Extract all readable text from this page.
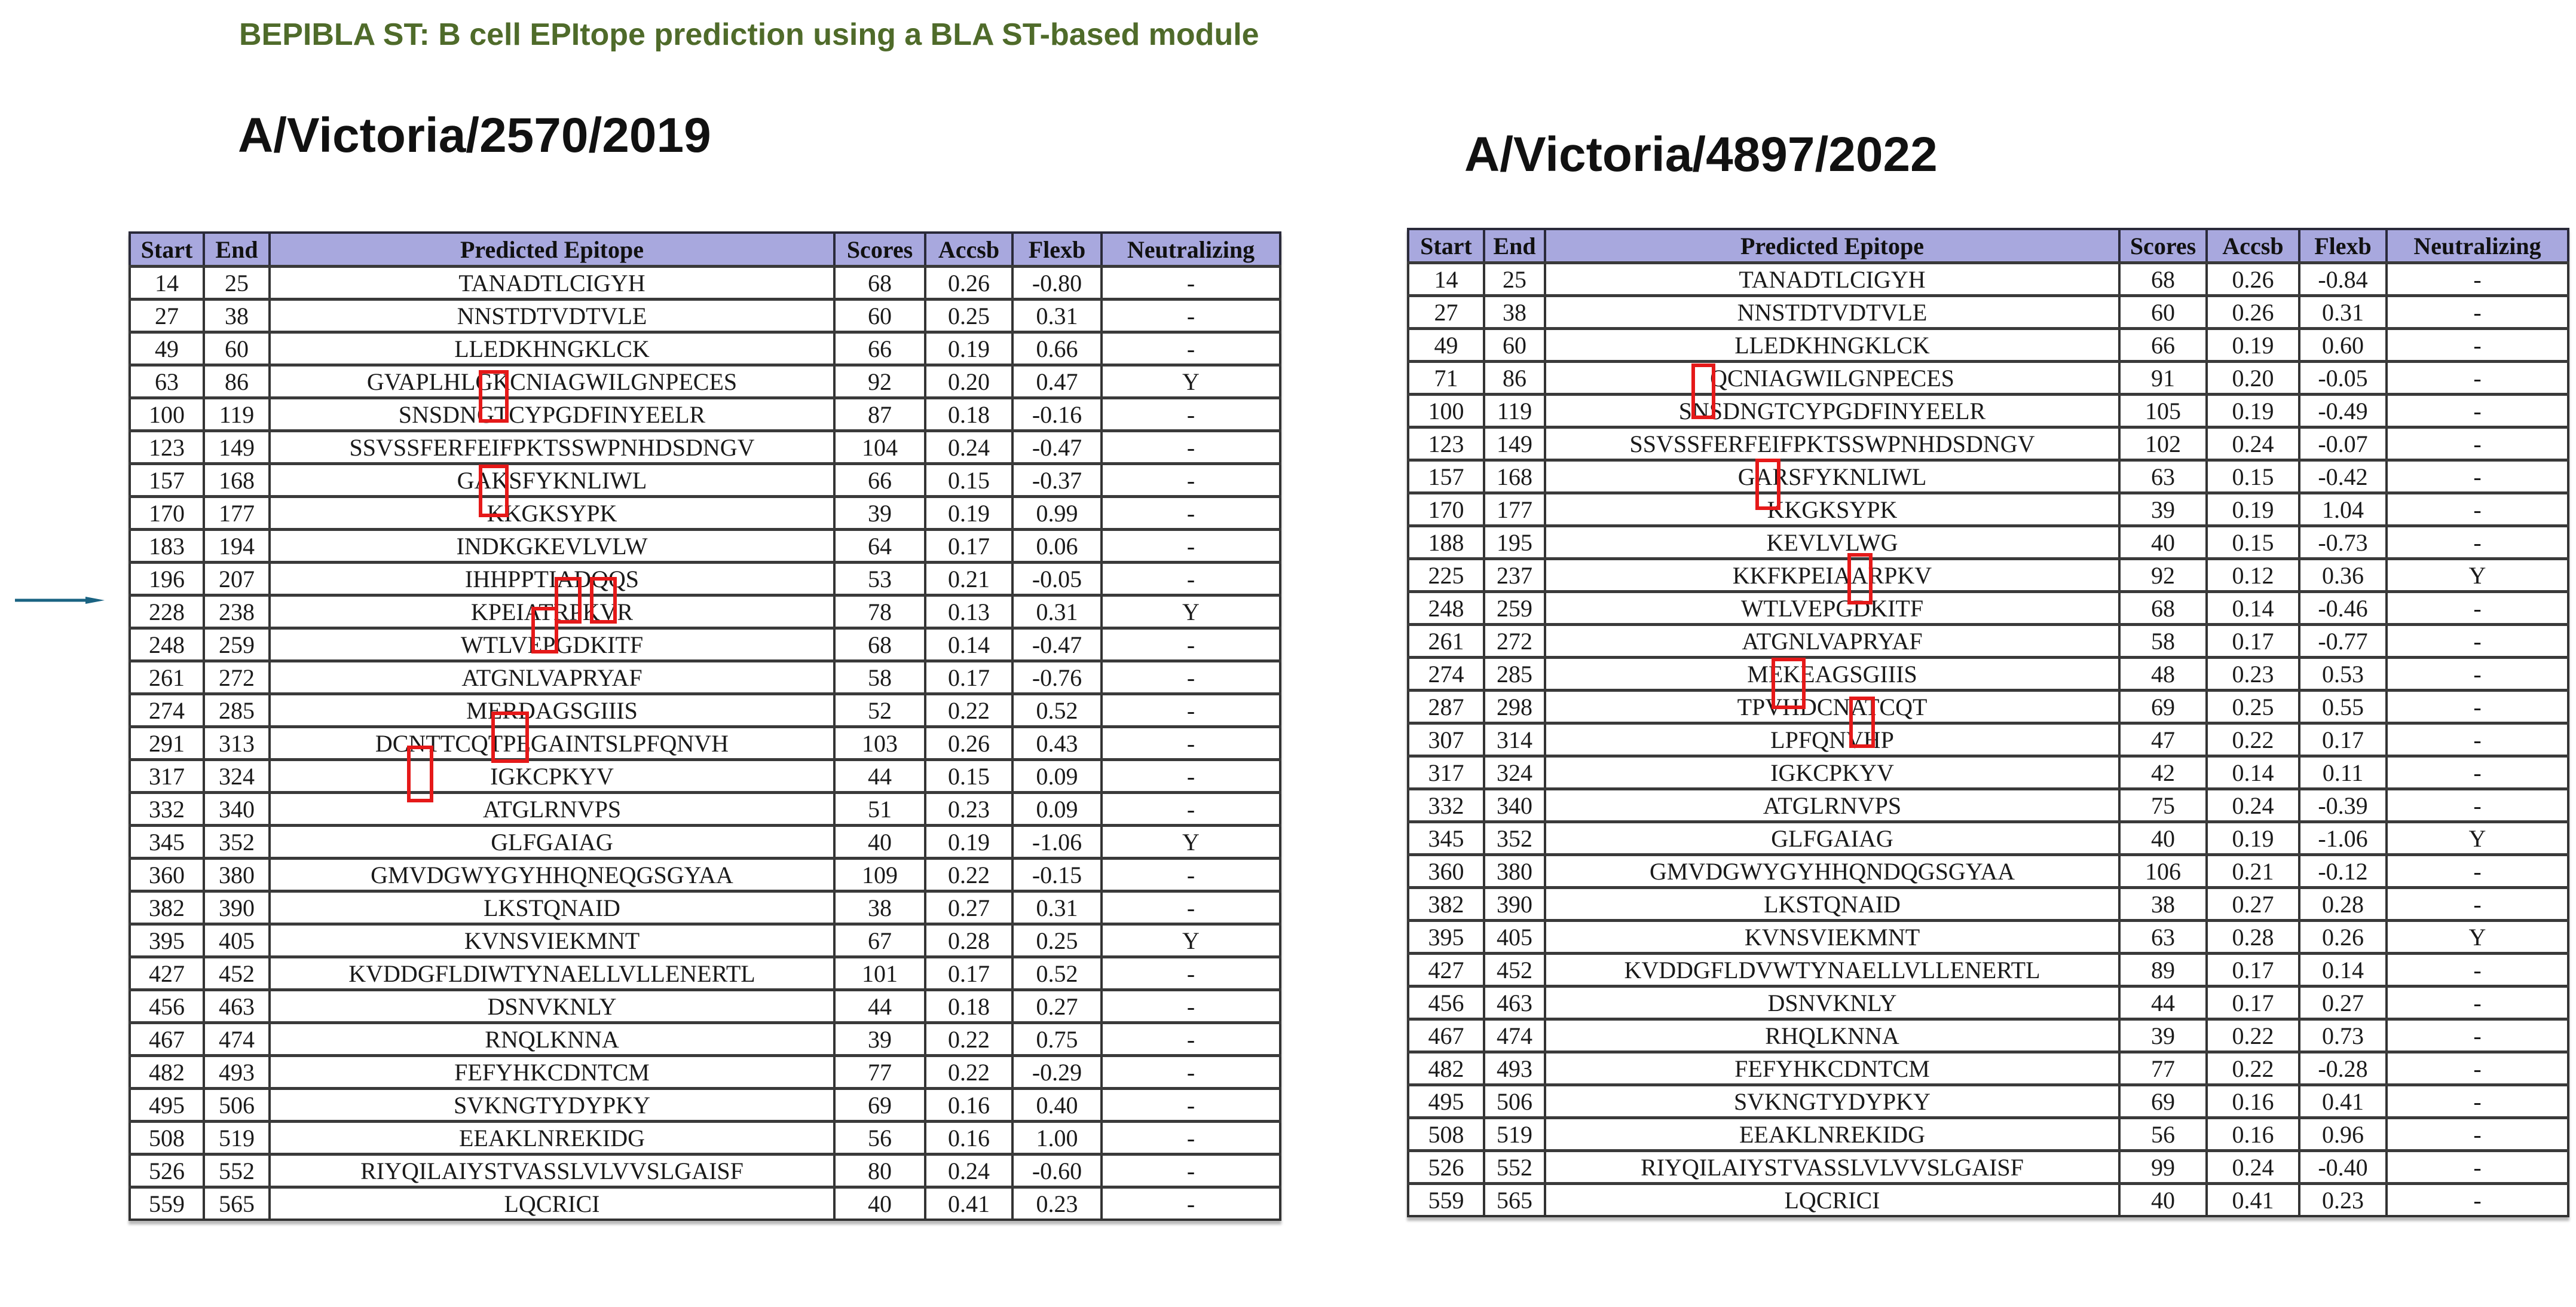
BEPIBLA ST: B cell EPItope prediction using a BLA ST-based module
A/Victoria/2570/2019	A/Victoria/4897/2022
Start	End	Predicted Epitope	Scores	Accsb	Flexb	Neutralizing
14	25	TANADTLCIGYH	68	0.26	-0.80	-
27	38	NNSTDTVDTVLE	60	0.25	0.31	-
49	60	LLEDKHNGKLCK	66	0.19	0.66	-
63	86	GVAPLHLGKCNIAGWILGNPECES	92	0.20	0.47	Y
100	119	SNSDNGTCYPGDFINYEELR	87	0.18	-0.16	-
123	149	SSVSSFERFEIFPKTSSWPNHDSDNGV	104	0.24	-0.47	-
157	168	GAKSFYKNLIWL	66	0.15	-0.37	-
170	177	KKGKSYPK	39	0.19	0.99	-
183	194	INDKGKEVLVLW	64	0.17	0.06	-
196	207	IHHPPTIADQQS	53	0.21	-0.05	-
228	238	KPEIATRPKVR	78	0.13	0.31	Y
248	259	WTLVEPGDKITF	68	0.14	-0.47	-
261	272	ATGNLVAPRYAF	58	0.17	-0.76	-
274	285	MERDAGSGIIIS	52	0.22	0.52	-
291	313	DCNTTCQTPEGAINTSLPFQNVH	103	0.26	0.43	-
317	324	IGKCPKYV	44	0.15	0.09	-
332	340	ATGLRNVPS	51	0.23	0.09	-
345	352	GLFGAIAG	40	0.19	-1.06	Y
360	380	GMVDGWYGYHHQNEQGSGYAA	109	0.22	-0.15	-
382	390	LKSTQNAID	38	0.27	0.31	-
395	405	KVNSVIEKMNT	67	0.28	0.25	Y
427	452	KVDDGFLDIWTYNAELLVLLENERTL	101	0.17	0.52	-
456	463	DSNVKNLY	44	0.18	0.27	-
467	474	RNQLKNNA	39	0.22	0.75	-
482	493	FEFYHKCDNTCM	77	0.22	-0.29	-
495	506	SVKNGTYDYPKY	69	0.16	0.40	-
508	519	EEAKLNREKIDG	56	0.16	1.00	-
526	552	RIYQILAIYSTVASSLVLVVSLGAISF	80	0.24	-0.60	-
559	565	LQCRICI	40	0.41	0.23	-
Start	End	Predicted Epitope	Scores	Accsb	Flexb	Neutralizing
14	25	TANADTLCIGYH	68	0.26	-0.84	-
27	38	NNSTDTVDTVLE	60	0.26	0.31	-
49	60	LLEDKHNGKLCK	66	0.19	0.60	-
71	86	QCNIAGWILGNPECES	91	0.20	-0.05	-
100	119	SNSDNGTCYPGDFINYEELR	105	0.19	-0.49	-
123	149	SSVSSFERFEIFPKTSSWPNHDSDNGV	102	0.24	-0.07	-
157	168	GARSFYKNLIWL	63	0.15	-0.42	-
170	177	KKGKSYPK	39	0.19	1.04	-
188	195	KEVLVLWG	40	0.15	-0.73	-
225	237	KKFKPEIAARPKV	92	0.12	0.36	Y
248	259	WTLVEPGDKITF	68	0.14	-0.46	-
261	272	ATGNLVAPRYAF	58	0.17	-0.77	-
274	285	MEKEAGSGIIIS	48	0.23	0.53	-
287	298	TPVHDCNATCQT	69	0.25	0.55	-
307	314	LPFQNVHP	47	0.22	0.17	-
317	324	IGKCPKYV	42	0.14	0.11	-
332	340	ATGLRNVPS	75	0.24	-0.39	-
345	352	GLFGAIAG	40	0.19	-1.06	Y
360	380	GMVDGWYGYHHQNDQGSGYAA	106	0.21	-0.12	-
382	390	LKSTQNAID	38	0.27	0.28	-
395	405	KVNSVIEKMNT	63	0.28	0.26	Y
427	452	KVDDGFLDVWTYNAELLVLLENERTL	89	0.17	0.14	-
456	463	DSNVKNLY	44	0.17	0.27	-
467	474	RHQLKNNA	39	0.22	0.73	-
482	493	FEFYHKCDNTCM	77	0.22	-0.28	-
495	506	SVKNGTYDYPKY	69	0.16	0.41	-
508	519	EEAKLNREKIDG	56	0.16	0.96	-
526	552	RIYQILAIYSTVASSLVLVVSLGAISF	99	0.24	-0.40	-
559	565	LQCRICI	40	0.41	0.23	-
